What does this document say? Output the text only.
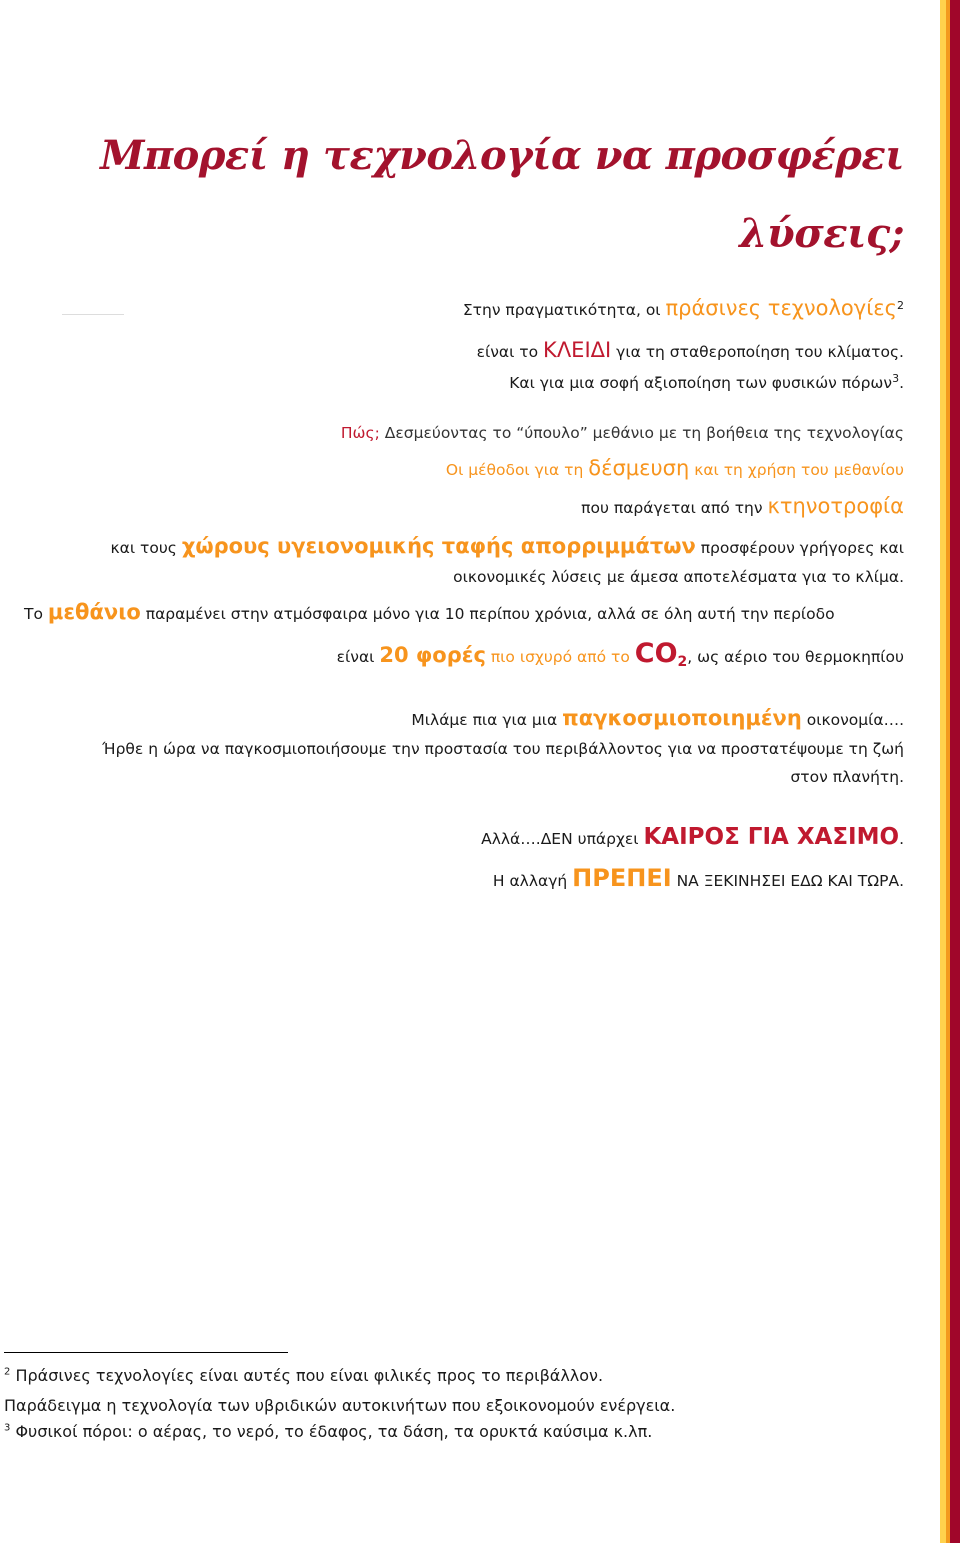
Μπορεί η τεχνολογία να προσφέρει
λύσεις;
Στην πραγματικότητα, οι πράσινες τεχνολογίες$^2$
είναι το ΚΛΕΙΔΙ για τη σταθεροποίηση του κλίματος.
Και για μια σοφή αξιοποίηση των φυσικών πόρων$^3$.
Πώς; Δεσμεύοντας το “ύπουλο” μεθάνιο με τη βοήθεια της τεχνολογίας
Οι μέθοδοι για τη δέσμευση και τη χρήση του μεθανίου
που παράγεται από την κτηνοτροφία
και τους χώρους υγειονομικής ταφής απορριμμάτων προσφέρουν γρήγορες και
οικονομικές λύσεις με άμεσα αποτελέσματα για το κλίμα.
Το μεθάνιο παραμένει στην ατμόσφαιρα μόνο για 10 περίπου χρόνια, αλλά σε όλη αυτή την περίοδο
είναι 20 φορές πιο ισχυρό από το $CO_2$, ως αέριο του θερμοκηπίου
Μιλάμε πια για μια παγκοσμιοποιημένη οικονομία….
Ήρθε η ώρα να παγκοσμιοποιήσουμε την προστασία του περιβάλλοντος για να προστατέψουμε τη ζωή
στον πλανήτη.
Αλλά….ΔΕΝ υπάρχει ΚΑΙΡΟΣ ΓΙΑ ΧΑΣΙΜΟ.
Η αλλαγή ΠΡΕΠΕΙ ΝΑ ΞΕΚΙΝΗΣΕΙ ΕΔΩ ΚΑΙ ΤΩΡΑ.
$^2$ Πράσινες τεχνολογίες είναι αυτές που είναι φιλικές προς το περιβάλλον.
Παράδειγμα η τεχνολογία των υβριδικών αυτοκινήτων που εξοικονομούν ενέργεια.
$^3$ Φυσικοί πόροι: ο αέρας, το νερό, το έδαφος, τα δάση, τα ορυκτά καύσιμα κ.λπ.
